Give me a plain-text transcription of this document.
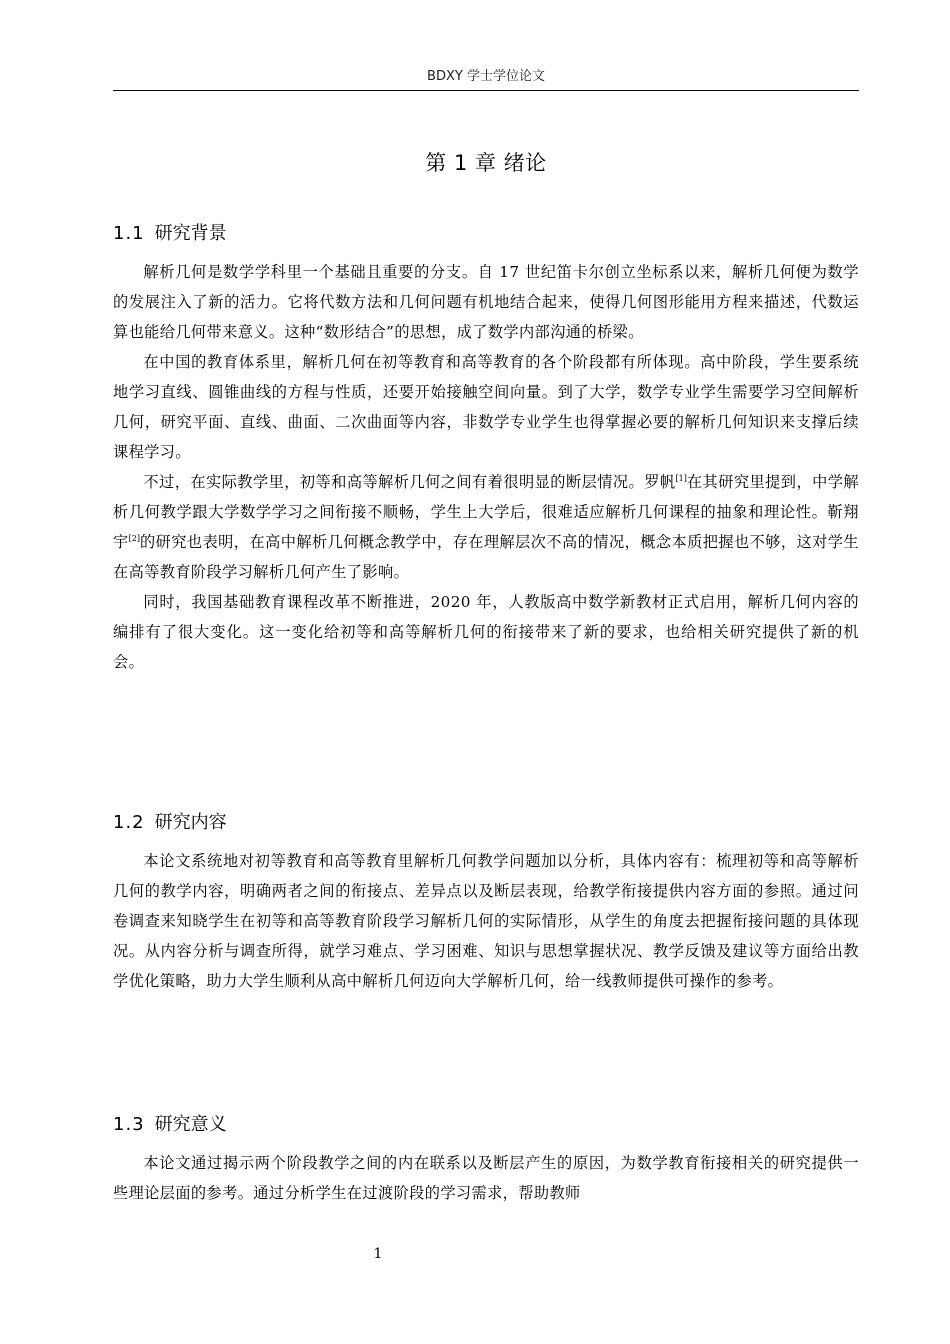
BDXY 学士学位论文
第 1 章 绪论
1.1 研究背景

解析几何是数学学科里一个基础且重要的分支。自 17 世纪笛卡尔创立坐标系以来，解析几何便为数学的发展注入了新的活力。它将代数方法和几何问题有机地结合起来，使得几何图形能用方程来描述，代数运算也能给几何带来意义。这种“数形结合”的思想，成了数学内部沟通的桥梁。

在中国的教育体系里，解析几何在初等教育和高等教育的各个阶段都有所体现。高中阶段，学生要系统地学习直线、圆锥曲线的方程与性质，还要开始接触空间向量。到了大学，数学专业学生需要学习空间解析几何，研究平面、直线、曲面、二次曲面等内容，非数学专业学生也得掌握必要的解析几何知识来支撑后续课程学习。

不过，在实际教学里，初等和高等解析几何之间有着很明显的断层情况。罗帆[1]在其研究里提到，中学解析几何教学跟大学数学学习之间衔接不顺畅，学生上大学后，很难适应解析几何课程的抽象和理论性。靳翔宇[2]的研究也表明，在高中解析几何概念教学中，存在理解层次不高的情况，概念本质把握也不够，这对学生在高等教育阶段学习解析几何产生了影响。

同时，我国基础教育课程改革不断推进，2020 年，人教版高中数学新教材正式启用，解析几何内容的编排有了很大变化。这一变化给初等和高等解析几何的衔接带来了新的要求，也给相关研究提供了新的机会。

1.2 研究内容

本论文系统地对初等教育和高等教育里解析几何教学问题加以分析，具体内容有：梳理初等和高等解析几何的教学内容，明确两者之间的衔接点、差异点以及断层表现，给教学衔接提供内容方面的参照。通过问卷调查来知晓学生在初等和高等教育阶段学习解析几何的实际情形，从学生的角度去把握衔接问题的具体现况。从内容分析与调查所得，就学习难点、学习困难、知识与思想掌握状况、教学反馈及建议等方面给出教学优化策略，助力大学生顺利从高中解析几何迈向大学解析几何，给一线教师提供可操作的参考。

1.3 研究意义

本论文通过揭示两个阶段教学之间的内在联系以及断层产生的原因，为数学教育衔接相关的研究提供一些理论层面的参考。通过分析学生在过渡阶段的学习需求，帮助教师

1
